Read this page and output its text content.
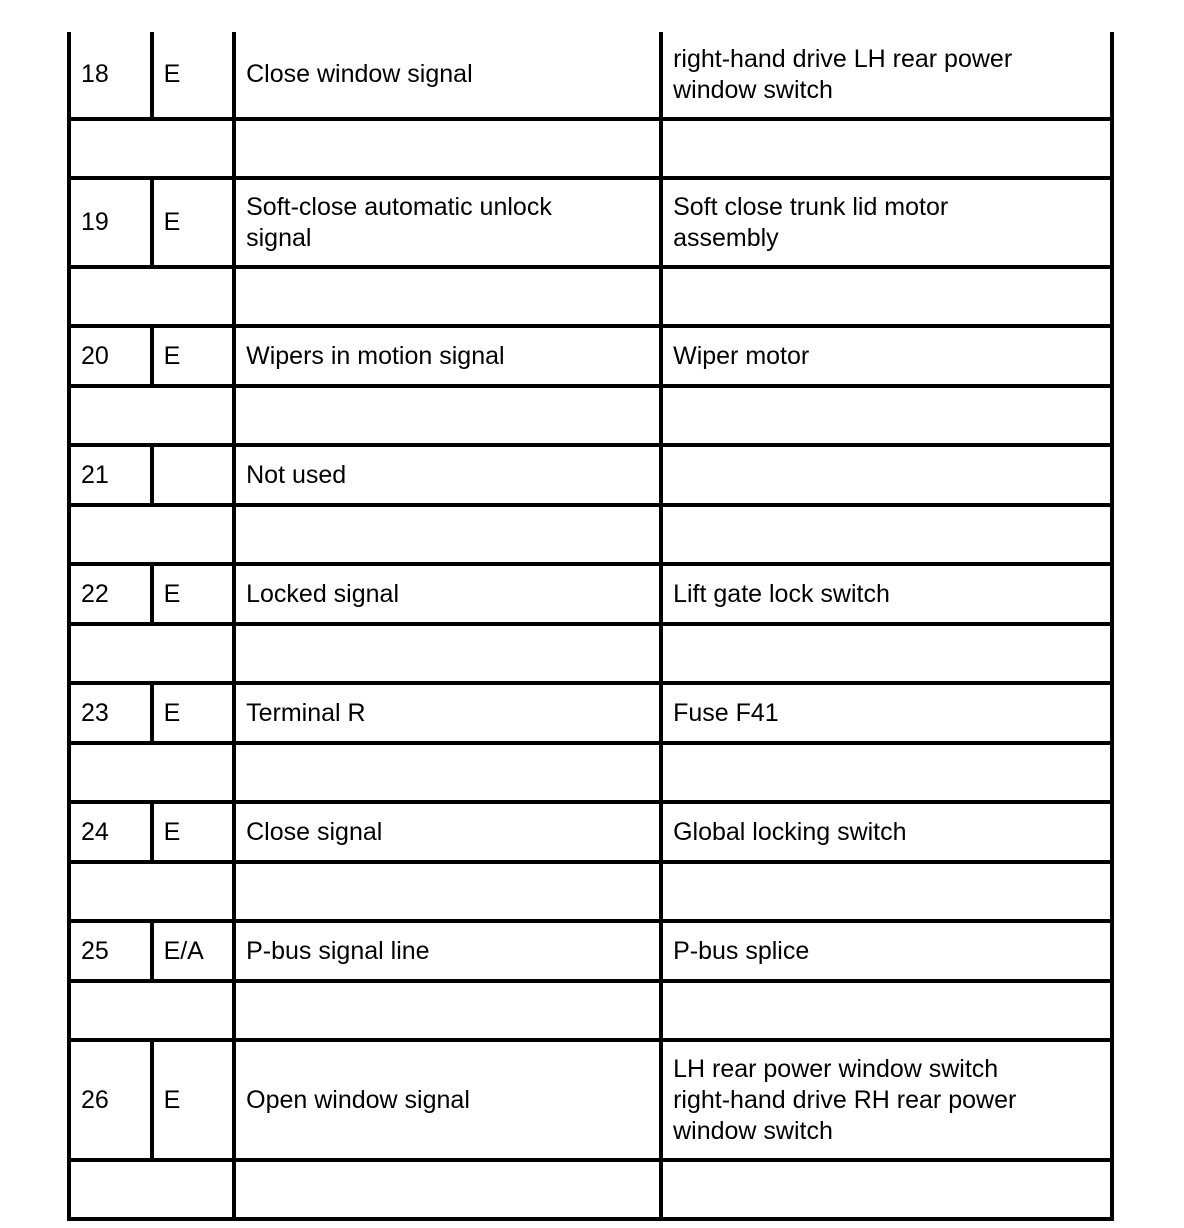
18	E	Close window signal	right-hand drive LH rear power
window switch

19	E	Soft-close automatic unlock
signal	Soft close trunk lid motor
assembly

20	E	Wipers in motion signal	Wiper motor

21		Not used	

22	E	Locked signal	Lift gate lock switch

23	E	Terminal R	Fuse F41

24	E	Close signal	Global locking switch

25	E/A	P-bus signal line	P-bus splice

26	E	Open window signal	LH rear power window switch
right-hand drive RH rear power
window switch
